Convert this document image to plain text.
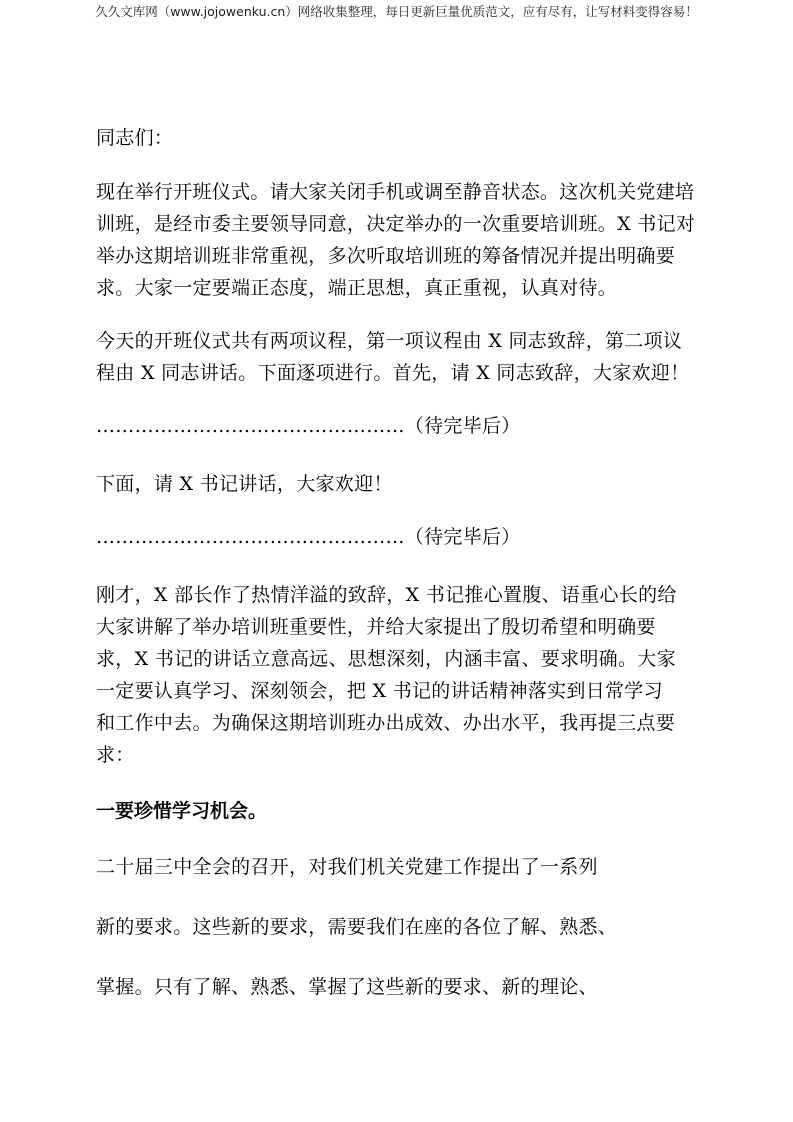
久久文库网（www.jojowenku.cn）网络收集整理，每日更新巨量优质范文，应有尽有，让写材料变得容易！
同志们：

现在举行开班仪式。请大家关闭手机或调至静音状态。这次机关党建培

训班，是经市委主要领导同意，决定举办的一次重要培训班。X 书记对

举办这期培训班非常重视，多次听取培训班的筹备情况并提出明确要

求。大家一定要端正态度，端正思想，真正重视，认真对待。

今天的开班仪式共有两项议程，第一项议程由 X 同志致辞，第二项议

程由 X 同志讲话。下面逐项进行。首先，请 X 同志致辞，大家欢迎！

…………………………………………（待完毕后）
下面，请 X 书记讲话，大家欢迎！
…………………………………………（待完毕后）

刚才，X 部长作了热情洋溢的致辞，X 书记推心置腹、语重心长的给

大家讲解了举办培训班重要性，并给大家提出了殷切希望和明确要

求，X 书记的讲话立意高远、思想深刻，内涵丰富、要求明确。大家

一定要认真学习、深刻领会，把 X 书记的讲话精神落实到日常学习

和工作中去。为确保这期培训班办出成效、办出水平，我再提三点要

求：

一要珍惜学习机会。
二十届三中全会的召开，对我们机关党建工作提出了一系列
新的要求。这些新的要求，需要我们在座的各位了解、熟悉、
掌握。只有了解、熟悉、掌握了这些新的要求、新的理论、
